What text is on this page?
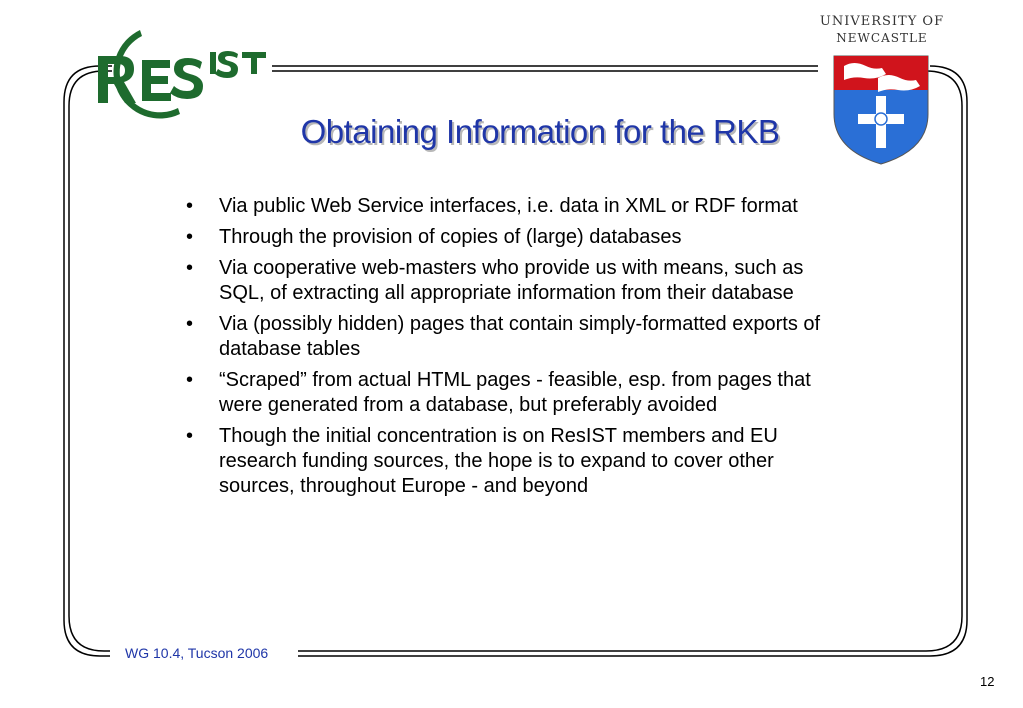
UNIVERSITY OF
NEWCASTLE
Obtaining Information for the RKB
• Via public Web Service interfaces, i.e. data in XML or RDF format
• Through the provision of copies of (large) databases
• Via cooperative web-masters who provide us with means, such as SQL, of extracting all appropriate information from their database
• Via (possibly hidden) pages that contain simply-formatted exports of database tables
• “Scraped” from actual HTML pages - feasible, esp. from pages that were generated from a database, but preferably avoided
• Though the initial concentration is on ResIST members and EU research funding sources, the hope is to expand to cover other sources, throughout Europe - and beyond
WG 10.4, Tucson 2006
12
